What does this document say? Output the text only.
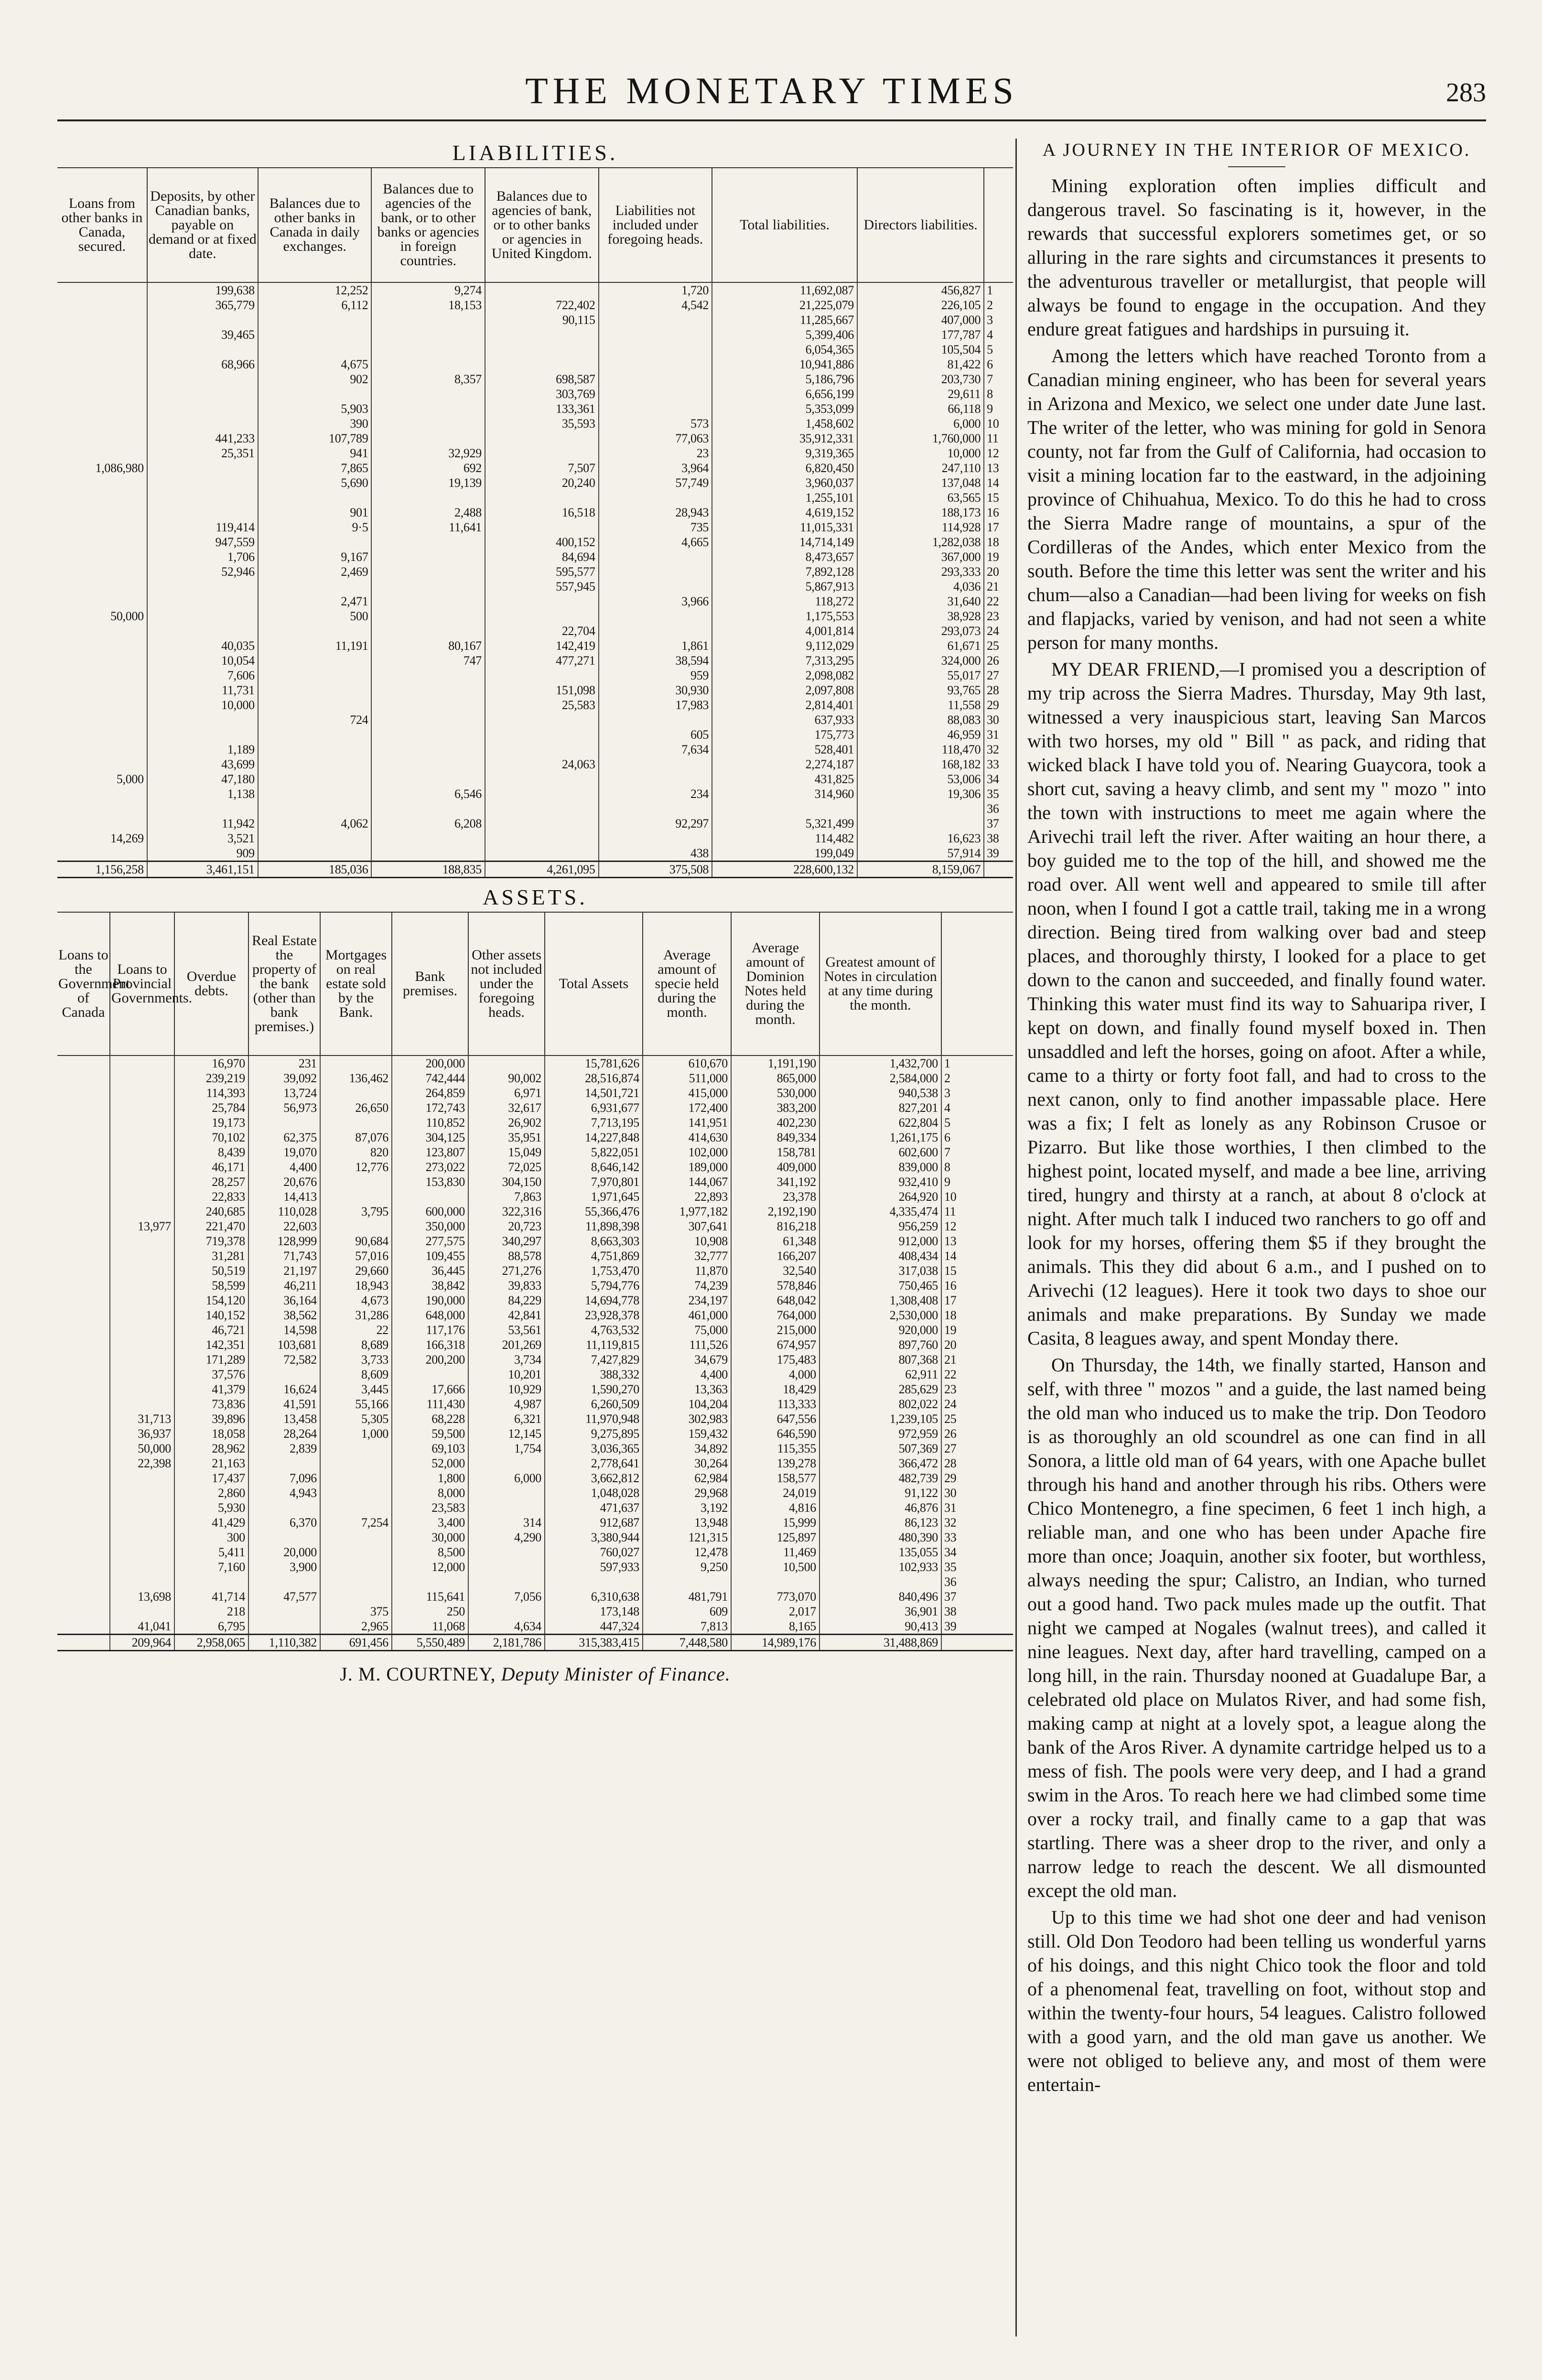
THE MONETARY TIMES	283
LIABILITIES.
Loans from other banks in Canada, secured.	Deposits, by other Canadian banks, payable on demand or at fixed date.	Balances due to other banks in Canada in daily exchanges.	Balances due to agencies of the bank, or to other banks or agencies in foreign countries.	Balances due to agencies of bank, or to other banks or agencies in United Kingdom.	Liabilities not included under foregoing heads.	Total liabilities.	Directors liabilities.	
	199,638	12,252	9,274		1,720	11,692,087	456,827	1
	365,779	6,112	18,153	722,402	4,542	21,225,079	226,105	2
				90,115		11,285,667	407,000	3
	39,465					5,399,406	177,787	4
						6,054,365	105,504	5
	68,966	4,675				10,941,886	81,422	6
		902	8,357	698,587		5,186,796	203,730	7
				303,769		6,656,199	29,611	8
		5,903		133,361		5,353,099	66,118	9
		390		35,593	573	1,458,602	6,000	10
	441,233	107,789			77,063	35,912,331	1,760,000	11
	25,351	941	32,929		23	9,319,365	10,000	12
1,086,980		7,865	692	7,507	3,964	6,820,450	247,110	13
		5,690	19,139	20,240	57,749	3,960,037	137,048	14
						1,255,101	63,565	15
		901	2,488	16,518	28,943	4,619,152	188,173	16
	119,414	9·5	11,641		735	11,015,331	114,928	17
	947,559			400,152	4,665	14,714,149	1,282,038	18
	1,706	9,167		84,694		8,473,657	367,000	19
	52,946	2,469		595,577		7,892,128	293,333	20
				557,945		5,867,913	4,036	21
		2,471			3,966	118,272	31,640	22
50,000		500				1,175,553	38,928	23
				22,704		4,001,814	293,073	24
	40,035	11,191	80,167	142,419	1,861	9,112,029	61,671	25
	10,054		747	477,271	38,594	7,313,295	324,000	26
	7,606				959	2,098,082	55,017	27
	11,731			151,098	30,930	2,097,808	93,765	28
	10,000			25,583	17,983	2,814,401	11,558	29
		724				637,933	88,083	30
					605	175,773	46,959	31
	1,189				7,634	528,401	118,470	32
	43,699			24,063		2,274,187	168,182	33
5,000	47,180					431,825	53,006	34
	1,138		6,546		234	314,960	19,306	35
								36
	11,942	4,062	6,208		92,297	5,321,499		37
14,269	3,521					114,482	16,623	38
	909				438	199,049	57,914	39
1,156,258	3,461,151	185,036	188,835	4,261,095	375,508	228,600,132	8,159,067	
ASSETS.
Loans to the Government of Canada	Loans to Provincial Governments.	Overdue debts.	Real Estate the property of the bank (other than bank premises.)	Mortgages on real estate sold by the Bank.	Bank premises.	Other assets not included under the foregoing heads.	Total Assets	Average amount of specie held during the month.	Average amount of Dominion Notes held during the month.	Greatest amount of Notes in circulation at any time during the month.	
		16,970	231		200,000		15,781,626	610,670	1,191,190	1,432,700	1
		239,219	39,092	136,462	742,444	90,002	28,516,874	511,000	865,000	2,584,000	2
		114,393	13,724		264,859	6,971	14,501,721	415,000	530,000	940,538	3
		25,784	56,973	26,650	172,743	32,617	6,931,677	172,400	383,200	827,201	4
		19,173			110,852	26,902	7,713,195	141,951	402,230	622,804	5
		70,102	62,375	87,076	304,125	35,951	14,227,848	414,630	849,334	1,261,175	6
		8,439	19,070	820	123,807	15,049	5,822,051	102,000	158,781	602,600	7
		46,171	4,400	12,776	273,022	72,025	8,646,142	189,000	409,000	839,000	8
		28,257	20,676		153,830	304,150	7,970,801	144,067	341,192	932,410	9
		22,833	14,413			7,863	1,971,645	22,893	23,378	264,920	10
		240,685	110,028	3,795	600,000	322,316	55,366,476	1,977,182	2,192,190	4,335,474	11
	13,977	221,470	22,603		350,000	20,723	11,898,398	307,641	816,218	956,259	12
		719,378	128,999	90,684	277,575	340,297	8,663,303	10,908	61,348	912,000	13
		31,281	71,743	57,016	109,455	88,578	4,751,869	32,777	166,207	408,434	14
		50,519	21,197	29,660	36,445	271,276	1,753,470	11,870	32,540	317,038	15
		58,599	46,211	18,943	38,842	39,833	5,794,776	74,239	578,846	750,465	16
		154,120	36,164	4,673	190,000	84,229	14,694,778	234,197	648,042	1,308,408	17
		140,152	38,562	31,286	648,000	42,841	23,928,378	461,000	764,000	2,530,000	18
		46,721	14,598	22	117,176	53,561	4,763,532	75,000	215,000	920,000	19
		142,351	103,681	8,689	166,318	201,269	11,119,815	111,526	674,957	897,760	20
		171,289	72,582	3,733	200,200	3,734	7,427,829	34,679	175,483	807,368	21
		37,576		8,609		10,201	388,332	4,400	4,000	62,911	22
		41,379	16,624	3,445	17,666	10,929	1,590,270	13,363	18,429	285,629	23
		73,836	41,591	55,166	111,430	4,987	6,260,509	104,204	113,333	802,022	24
	31,713	39,896	13,458	5,305	68,228	6,321	11,970,948	302,983	647,556	1,239,105	25
	36,937	18,058	28,264	1,000	59,500	12,145	9,275,895	159,432	646,590	972,959	26
	50,000	28,962	2,839		69,103	1,754	3,036,365	34,892	115,355	507,369	27
	22,398	21,163			52,000		2,778,641	30,264	139,278	366,472	28
		17,437	7,096		1,800	6,000	3,662,812	62,984	158,577	482,739	29
		2,860	4,943		8,000		1,048,028	29,968	24,019	91,122	30
		5,930			23,583		471,637	3,192	4,816	46,876	31
		41,429	6,370	7,254	3,400	314	912,687	13,948	15,999	86,123	32
		300			30,000	4,290	3,380,944	121,315	125,897	480,390	33
		5,411	20,000		8,500		760,027	12,478	11,469	135,055	34
		7,160	3,900		12,000		597,933	9,250	10,500	102,933	35
											36
	13,698	41,714	47,577		115,641	7,056	6,310,638	481,791	773,070	840,496	37
		218		375	250		173,148	609	2,017	36,901	38
	41,041	6,795		2,965	11,068	4,634	447,324	7,813	8,165	90,413	39
	209,964	2,958,065	1,110,382	691,456	5,550,489	2,181,786	315,383,415	7,448,580	14,989,176	31,488,869	
J. M. COURTNEY, Deputy Minister of Finance.
A JOURNEY IN THE INTERIOR OF MEXICO.

Mining exploration often implies difficult and dangerous travel. So fascinating is it, however, in the rewards that successful explorers sometimes get, or so alluring in the rare sights and circumstances it presents to the adventurous traveller or metallurgist, that people will always be found to engage in the occupation. And they endure great fatigues and hardships in pursuing it.

Among the letters which have reached Toronto from a Canadian mining engineer, who has been for several years in Arizona and Mexico, we select one under date June last. The writer of the letter, who was mining for gold in Senora county, not far from the Gulf of California, had occasion to visit a mining location far to the eastward, in the adjoining province of Chihuahua, Mexico. To do this he had to cross the Sierra Madre range of mountains, a spur of the Cordilleras of the Andes, which enter Mexico from the south. Before the time this letter was sent the writer and his chum—also a Canadian—had been living for weeks on fish and flapjacks, varied by venison, and had not seen a white person for many months.

MY DEAR FRIEND,—I promised you a description of my trip across the Sierra Madres. Thursday, May 9th last, witnessed a very inauspicious start, leaving San Marcos with two horses, my old " Bill " as pack, and riding that wicked black I have told you of. Nearing Guaycora, took a short cut, saving a heavy climb, and sent my " mozo " into the town with instructions to meet me again where the Arivechi trail left the river. After waiting an hour there, a boy guided me to the top of the hill, and showed me the road over. All went well and appeared to smile till after noon, when I found I got a cattle trail, taking me in a wrong direction. Being tired from walking over bad and steep places, and thoroughly thirsty, I looked for a place to get down to the canon and succeeded, and finally found water. Thinking this water must find its way to Sahuaripa river, I kept on down, and finally found myself boxed in. Then unsaddled and left the horses, going on afoot. After a while, came to a thirty or forty foot fall, and had to cross to the next canon, only to find another impassable place. Here was a fix; I felt as lonely as any Robinson Crusoe or Pizarro. But like those worthies, I then climbed to the highest point, located myself, and made a bee line, arriving tired, hungry and thirsty at a ranch, at about 8 o'clock at night. After much talk I induced two ranchers to go off and look for my horses, offering them $5 if they brought the animals. This they did about 6 a.m., and I pushed on to Arivechi (12 leagues). Here it took two days to shoe our animals and make preparations. By Sunday we made Casita, 8 leagues away, and spent Monday there.

On Thursday, the 14th, we finally started, Hanson and self, with three " mozos " and a guide, the last named being the old man who induced us to make the trip. Don Teodoro is as thoroughly an old scoundrel as one can find in all Sonora, a little old man of 64 years, with one Apache bullet through his hand and another through his ribs. Others were Chico Montenegro, a fine specimen, 6 feet 1 inch high, a reliable man, and one who has been under Apache fire more than once; Joaquin, another six footer, but worthless, always needing the spur; Calistro, an Indian, who turned out a good hand. Two pack mules made up the outfit. That night we camped at Nogales (walnut trees), and called it nine leagues. Next day, after hard travelling, camped on a long hill, in the rain. Thursday nooned at Guadalupe Bar, a celebrated old place on Mulatos River, and had some fish, making camp at night at a lovely spot, a league along the bank of the Aros River. A dynamite cartridge helped us to a mess of fish. The pools were very deep, and I had a grand swim in the Aros. To reach here we had climbed some time over a rocky trail, and finally came to a gap that was startling. There was a sheer drop to the river, and only a narrow ledge to reach the descent. We all dismounted except the old man.

Up to this time we had shot one deer and had venison still. Old Don Teodoro had been telling us wonderful yarns of his doings, and this night Chico took the floor and told of a phenomenal feat, travelling on foot, without stop and within the twenty-four hours, 54 leagues. Calistro followed with a good yarn, and the old man gave us another. We were not obliged to believe any, and most of them were entertain-
